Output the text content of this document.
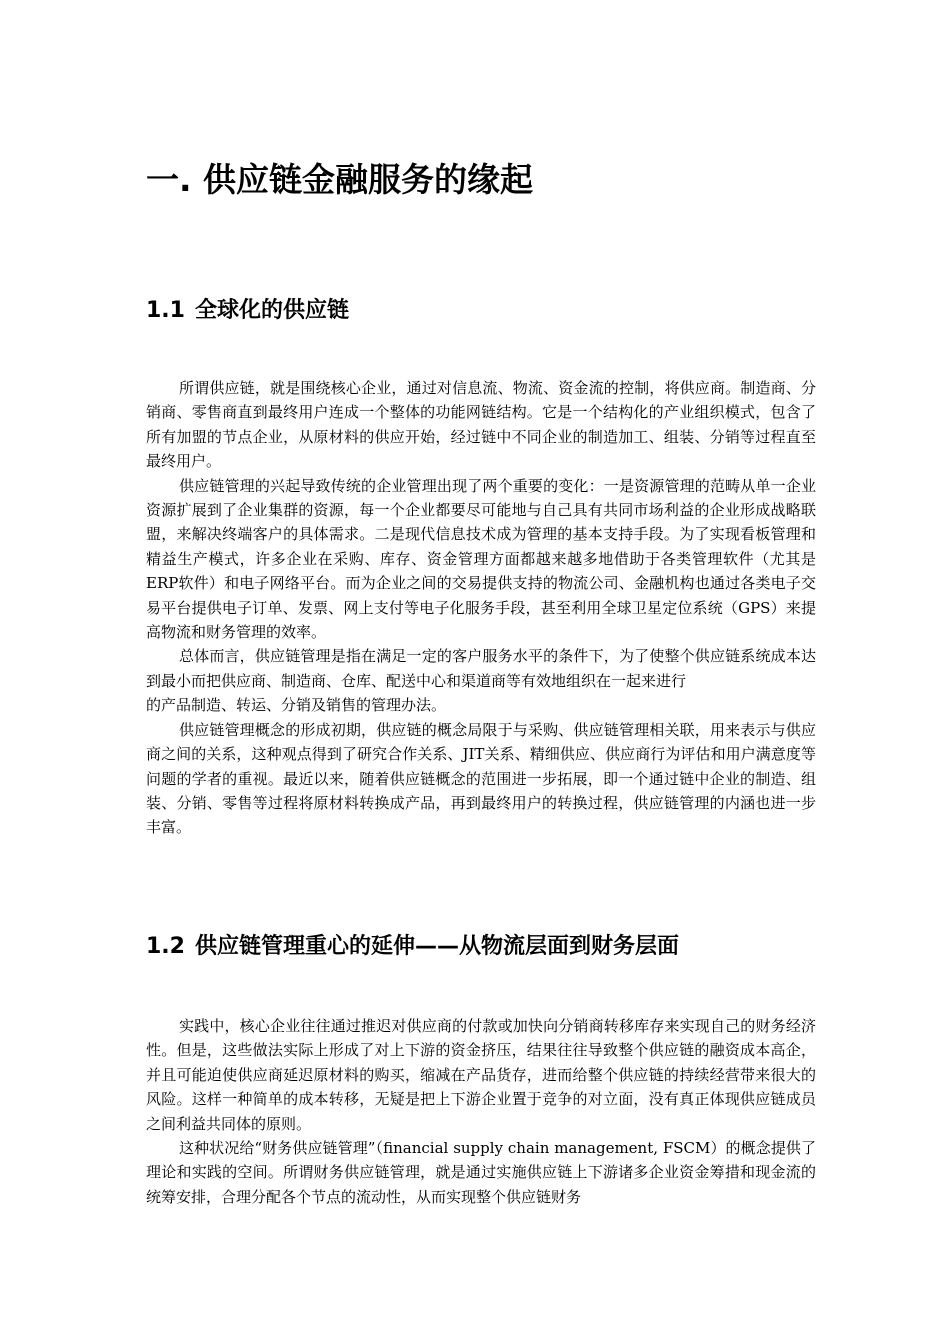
一. 供应链金融服务的缘起
1.1 全球化的供应链

所谓供应链，就是围绕核心企业，通过对信息流、物流、资金流的控制，将供应商。制造商、分销商、零售商直到最终用户连成一个整体的功能网链结构。它是一个结构化的产业组织模式，包含了所有加盟的节点企业，从原材料的供应开始，经过链中不同企业的制造加工、组装、分销等过程直至最终用户。

供应链管理的兴起导致传统的企业管理出现了两个重要的变化：一是资源管理的范畴从单一企业资源扩展到了企业集群的资源，每一个企业都要尽可能地与自己具有共同市场利益的企业形成战略联盟，来解决终端客户的具体需求。二是现代信息技术成为管理的基本支持手段。为了实现看板管理和精益生产模式，许多企业在采购、库存、资金管理方面都越来越多地借助于各类管理软件（尤其是ERP软件）和电子网络平台。而为企业之间的交易提供支持的物流公司、金融机构也通过各类电子交易平台提供电子订单、发票、网上支付等电子化服务手段，甚至利用全球卫星定位系统（GPS）来提高物流和财务管理的效率。

总体而言，供应链管理是指在满足一定的客户服务水平的条件下，为了使整个供应链系统成本达到最小而把供应商、制造商、仓库、配送中心和渠道商等有效地组织在一起来进行

的产品制造、转运、分销及销售的管理办法。

供应链管理概念的形成初期，供应链的概念局限于与采购、供应链管理相关联，用来表示与供应商之间的关系，这种观点得到了研究合作关系、JIT关系、精细供应、供应商行为评估和用户满意度等问题的学者的重视。最近以来，随着供应链概念的范围进一步拓展，即一个通过链中企业的制造、组装、分销、零售等过程将原材料转换成产品，再到最终用户的转换过程，供应链管理的内涵也进一步丰富。

1.2 供应链管理重心的延伸——从物流层面到财务层面

实践中，核心企业往往通过推迟对供应商的付款或加快向分销商转移库存来实现自己的财务经济性。但是，这些做法实际上形成了对上下游的资金挤压，结果往往导致整个供应链的融资成本高企，并且可能迫使供应商延迟原材料的购买，缩减在产品货存，进而给整个供应链的持续经营带来很大的风险。这样一种简单的成本转移，无疑是把上下游企业置于竞争的对立面，没有真正体现供应链成员之间利益共同体的原则。

这种状况给“财务供应链管理”（financial supply chain management, FSCM）的概念提供了理论和实践的空间。所谓财务供应链管理，就是通过实施供应链上下游诸多企业资金筹措和现金流的统筹安排，合理分配各个节点的流动性，从而实现整个供应链财务
